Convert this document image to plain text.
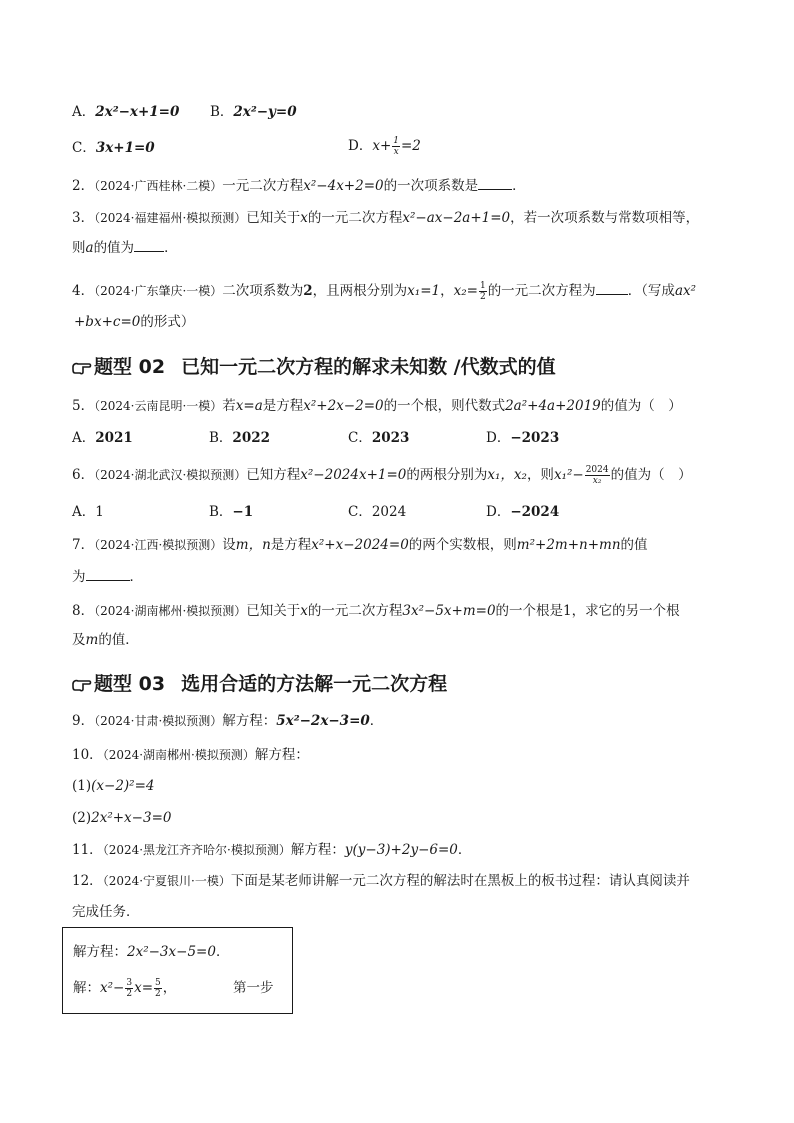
A．2x²−x+1=0 B．2x²−y=0
C．3x+1=0	D．$x+ \frac{1}{x} =2$
2．（2024·广西桂林·二模）一元二次方程x²−4x+2=0的一次项系数是	．
3．（2024·福建福州·模拟预测）已知关于x的一元二次方程x²−ax−2a+1=0，若一次项系数与常数项相等，
则a的值为 ．
4．（2024·广东肇庆·一模）二次项系数为2，且两根分别为x₁=1，$x_2= \frac{1}{2}$ 的一元二次方程为 ．（写成ax²
+bx+c=0的形式）
题型 02 已知一元二次方程的解求未知数 /代数式的值
5．（2024·云南昆明·一模）若x=a是方程x²+2x−2=0的一个根，则代数式2a²+4a+2019的值为（　）
A．2021	B．2022	C．2023	D．−2023
6．（2024·湖北武汉·模拟预测）已知方程x²−2024x+1=0的两根分别为x₁，x₂，则$x_1^2- \frac{2024}{\text{x₂}}$ 的值为（　）
A．1	B．−1	C．2024	D．−2024
7．（2024·江西·模拟预测）设m，n是方程x²+x−2024=0的两个实数根，则m²+2m+n+mn的值
为	．
8．（2024·湖南郴州·模拟预测）已知关于x的一元二次方程3x²−5x+m=0的一个根是1，求它的另一个根
及m的值．
题型 03 选用合适的方法解一元二次方程
9．（2024·甘肃·模拟预测）解方程：5x²−2x−3=0．
10．（2024·湖南郴州·模拟预测）解方程：
(1)(x−2)²=4
(2)2x²+x−3=0
11．（2024·黑龙江齐齐哈尔·模拟预测）解方程：y(y−3)+2y−6=0．
12．（2024·宁夏银川·一模）下面是某老师讲解一元二次方程的解法时在黑板上的板书过程：请认真阅读并
完成任务．
解方程：2x²−3x−5=0．
解：$x^2- \frac{3}{2} x= \frac{5}{2}$ ，	第一步
